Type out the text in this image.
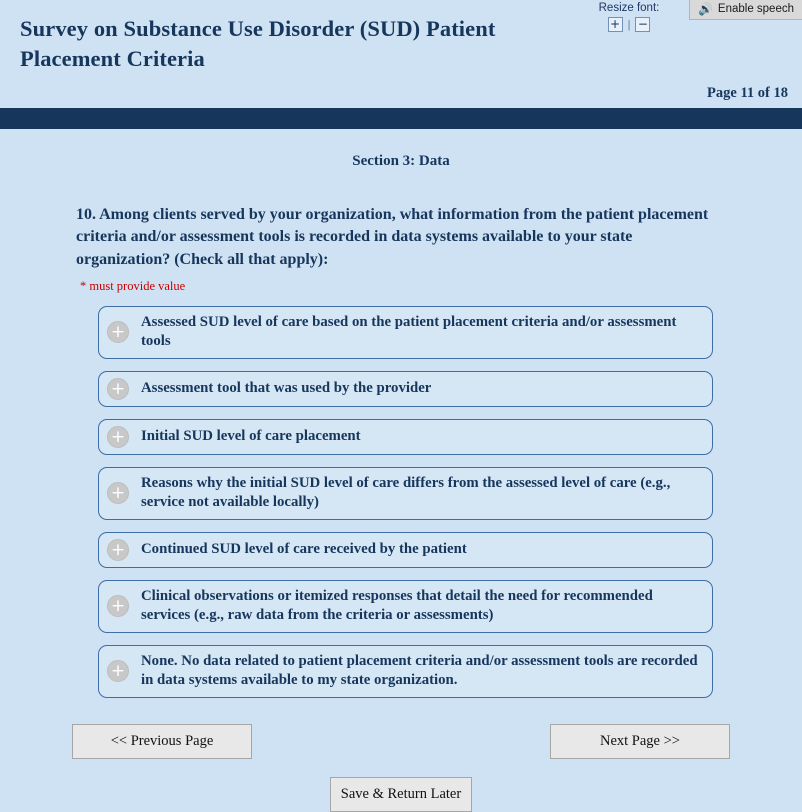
Survey on Substance Use Disorder (SUD) Patient Placement Criteria
Resize font:
+ | −
🔊 Enable speech
Page 11 of 18
Section 3: Data
10. Among clients served by your organization, what information from the patient placement criteria and/or assessment tools is recorded in data systems available to your state organization? (Check all that apply):
* must provide value
+
Assessed SUD level of care based on the patient placement criteria and/or assessment tools
+ Assessment tool that was used by the provider
+ Initial SUD level of care placement
+
Reasons why the initial SUD level of care differs from the assessed level of care (e.g., service not available locally)
+ Continued SUD level of care received by the patient
+
Clinical observations or itemized responses that detail the need for recommended services (e.g., raw data from the criteria or assessments)
+
None. No data related to patient placement criteria and/or assessment tools are recorded in data systems available to my state organization.
<< Previous Page	Next Page >>
Save & Return Later
